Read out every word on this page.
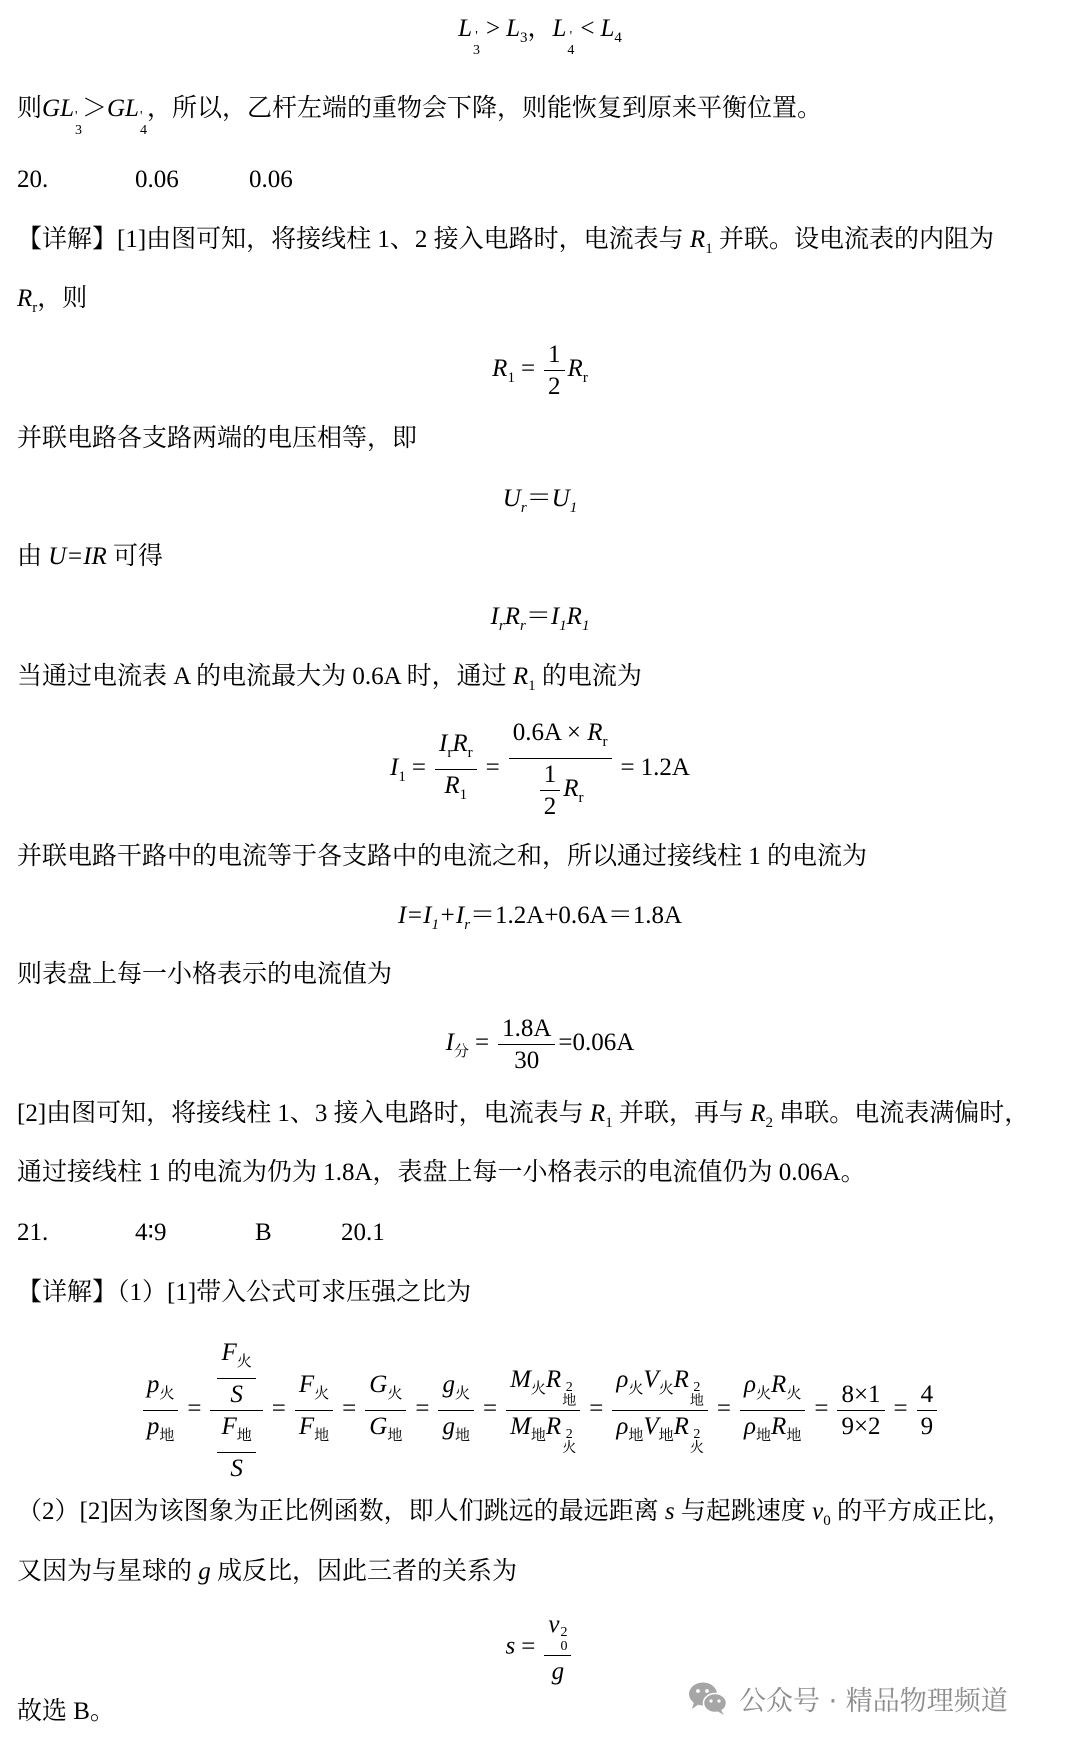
L '
3
> $L_3$，L '
4
< $L_4$
则GL '
3
＞GL '
4
，所以，乙杆左端的重物会下降，则能恢复到原来平衡位置。
20.	0.06	0.06
【详解】[1]由图可知，将接线柱 1、2 接入电路时，电流表与 $R_1$ 并联。设电流表的内阻为
$R_r$，则
$R_1 = \frac{1}{2} R_r$
并联电路各支路两端的电压相等，即
$U_r=U_1$
由 U=IR 可得
$I_rR_r=I_1R_1$
当通过电流表 A 的电流最大为 0.6A 时，通过 $R_1$ 的电流为
$I_1$ =
$I_rR_r$
$R_1$
= $\frac{0.6A \times R_r}{\frac{1}{2} R_r} = 1.2A$
并联电路干路中的电流等于各支路中的电流之和，所以通过接线柱 1 的电流为
$I=I_1+I_r=1.2A+0.6A=1.8A$
则表盘上每一小格表示的电流值为
$I_分 = \frac{1.8A}{30} =0.06A$
[2]由图可知，将接线柱 1、3 接入电路时，电流表与 $R_1$ 并联，再与 $R_2$ 串联。电流表满偏时，
通过接线柱 1 的电流为仍为 1.8A，表盘上每一小格表示的电流值仍为 0.06A。
21.	4∶9	B	20.1
【详解】（1）[1]带入公式可求压强之比为
$p_火$
$p_地$
=
$F_火$
S
$F_地$
S
=
$F_火$
$F_地$
=
$G_火$
$G_地$
=
$g_火$
$g_地$
=
$M_火R$ 2
地
$M_地R$ 2
火
=
$\rho_火V_火R$ 2
地
$\rho_地V_地R$ 2
火
=
$\rho_火R_火$
$\rho_地R_地$
= $\frac{8\times 1}{9\times 2} = \frac{4}{9}$
（2）[2]因为该图象为正比例函数，即人们跳远的最远距离 s 与起跳速度 $v_0$ 的平方成正比，
又因为与星球的 g 成反比，因此三者的关系为
s = v 2
0
g
故选 B。	公众号 · 精品物理频道
